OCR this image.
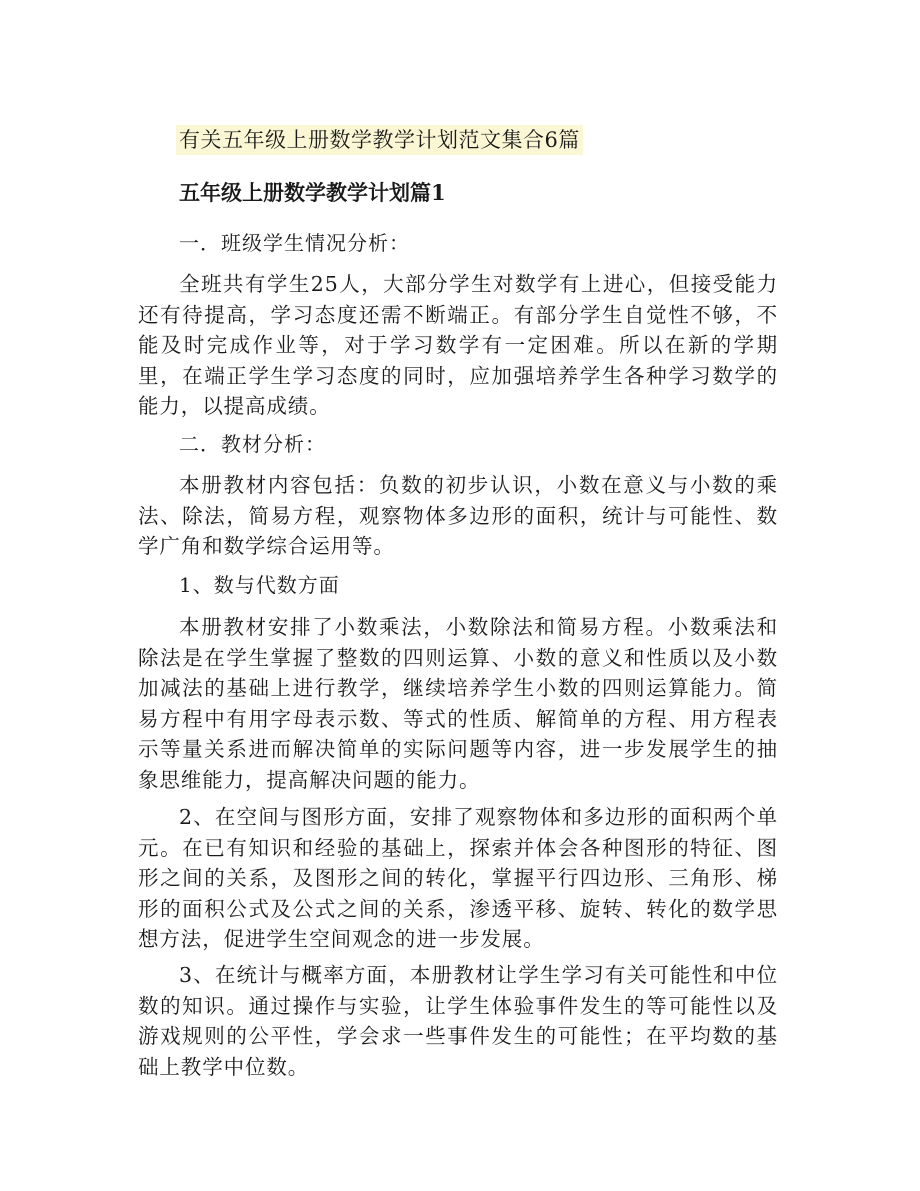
有关五年级上册数学教学计划范文集合6篇
五年级上册数学教学计划篇1
一．班级学生情况分析：
全班共有学生25人，大部分学生对数学有上进心，但接受能力还有待提高，学习态度还需不断端正。有部分学生自觉性不够，不能及时完成作业等，对于学习数学有一定困难。所以在新的学期里，在端正学生学习态度的同时，应加强培养学生各种学习数学的能力，以提高成绩。
二．教材分析：
本册教材内容包括：负数的初步认识，小数在意义与小数的乘法、除法，简易方程，观察物体多边形的面积，统计与可能性、数学广角和数学综合运用等。
1、数与代数方面
本册教材安排了小数乘法，小数除法和简易方程。小数乘法和除法是在学生掌握了整数的四则运算、小数的意义和性质以及小数加减法的基础上进行教学，继续培养学生小数的四则运算能力。简易方程中有用字母表示数、等式的性质、解简单的方程、用方程表示等量关系进而解决简单的实际问题等内容，进一步发展学生的抽象思维能力，提高解决问题的能力。
2、在空间与图形方面，安排了观察物体和多边形的面积两个单元。在已有知识和经验的基础上，探索并体会各种图形的特征、图形之间的关系，及图形之间的转化，掌握平行四边形、三角形、梯形的面积公式及公式之间的关系，渗透平移、旋转、转化的数学思想方法，促进学生空间观念的进一步发展。
3、在统计与概率方面，本册教材让学生学习有关可能性和中位数的知识。通过操作与实验，让学生体验事件发生的等可能性以及游戏规则的公平性，学会求一些事件发生的可能性；在平均数的基础上教学中位数。
